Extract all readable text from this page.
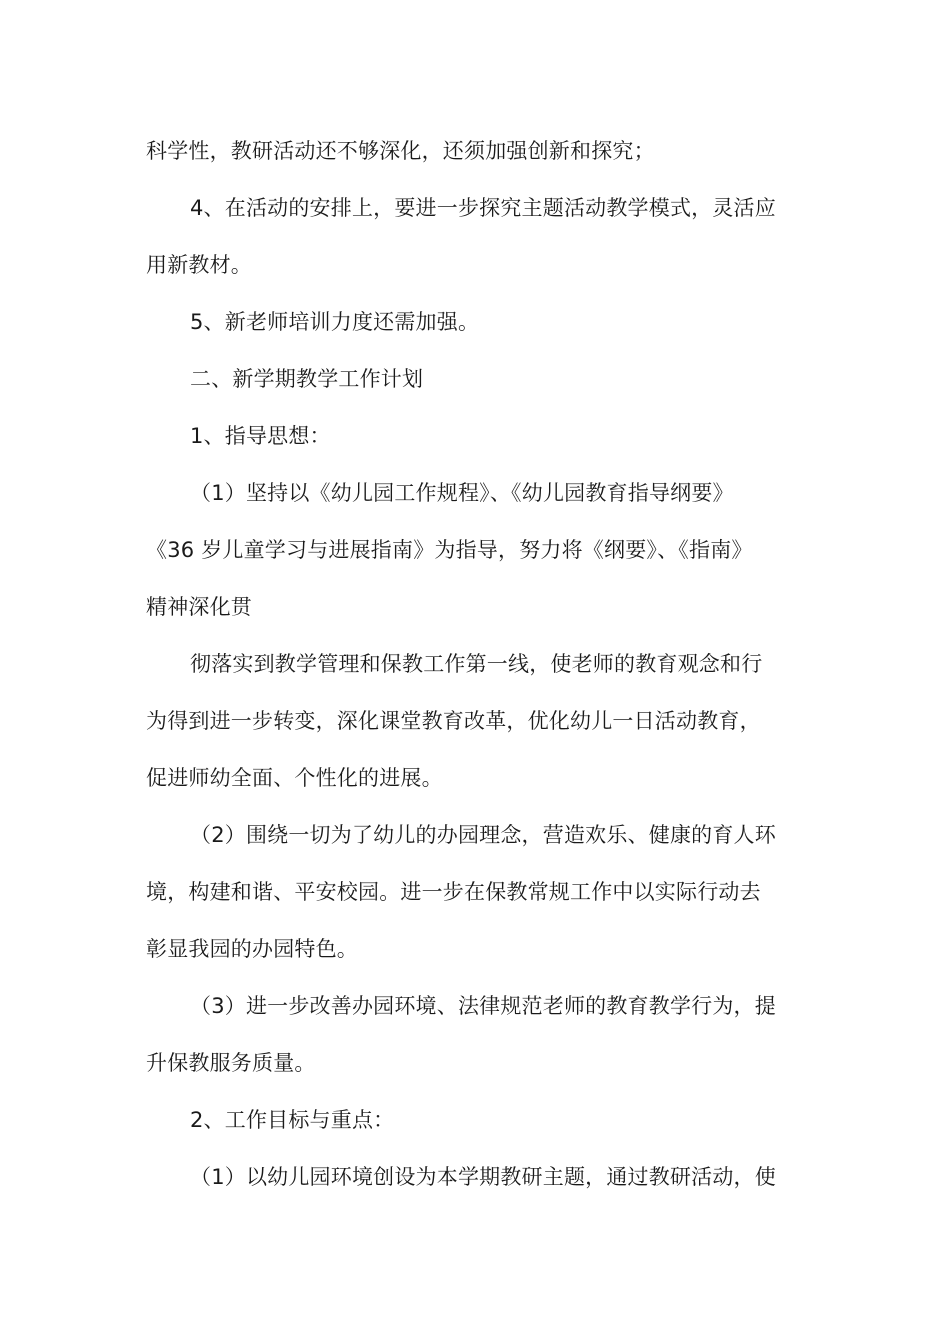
科学性，教研活动还不够深化，还须加强创新和探究；
4、在活动的安排上，要进一步探究主题活动教学模式，灵活应
用新教材。
5、新老师培训力度还需加强。
二、新学期教学工作计划
1、指导思想：
（1）坚持以《幼儿园工作规程》、《幼儿园教育指导纲要》
《36 岁儿童学习与进展指南》为指导，努力将《纲要》、《指南》
精神深化贯
彻落实到教学管理和保教工作第一线，使老师的教育观念和行
为得到进一步转变，深化课堂教育改革，优化幼儿一日活动教育，
促进师幼全面、个性化的进展。
（2）围绕一切为了幼儿的办园理念，营造欢乐、健康的育人环
境，构建和谐、平安校园。进一步在保教常规工作中以实际行动去
彰显我园的办园特色。
（3）进一步改善办园环境、法律规范老师的教育教学行为，提
升保教服务质量。
2、工作目标与重点：
（1）以幼儿园环境创设为本学期教研主题，通过教研活动，使
